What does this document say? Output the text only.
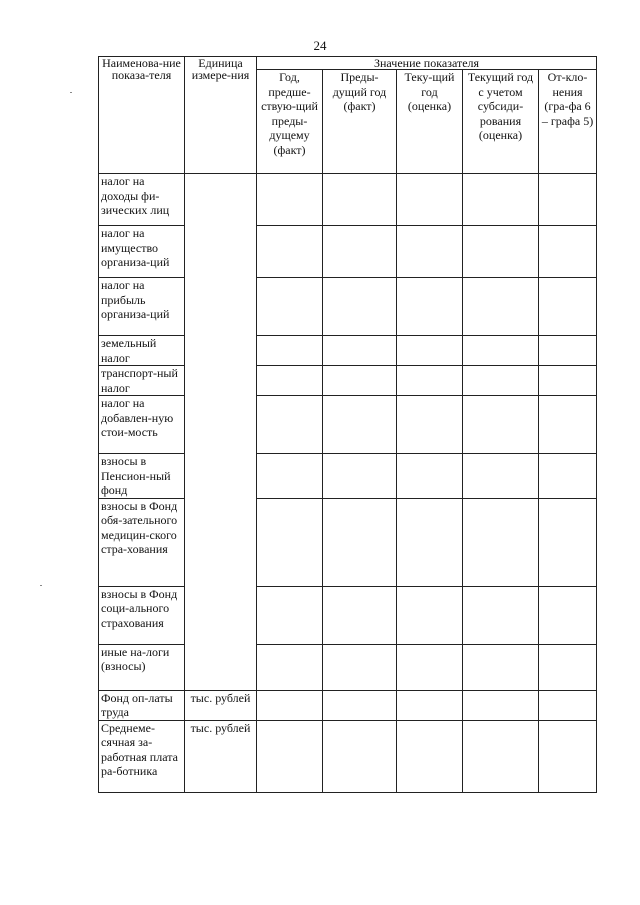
24
Наименова-ние показа-теля	Единица измере-ния	Значение показателя				
		Год, предше-ствую-щий преды-дущему (факт)	Преды-дущий год (факт)	Теку-щий год (оценка)	Текущий год с учетом субсиди-рования (оценка)	От-кло-нения (гра-фа 6 – графа 5)
налог на доходы фи-зических лиц						
налог на имущество организа-ций						
налог на прибыль организа-ций						
земельный налог						
транспорт-ный налог						
налог на добавлен-ную стои-мость						
взносы в Пенсион-ный фонд						
взносы в Фонд обя-зательного медицин-ского стра-хования						
взносы в Фонд соци-ального страхования						
иные на-логи (взносы)						
Фонд оп-латы труда	тыс. рублей					
Среднеме-сячная за-работная плата ра-ботника	тыс. рублей					
